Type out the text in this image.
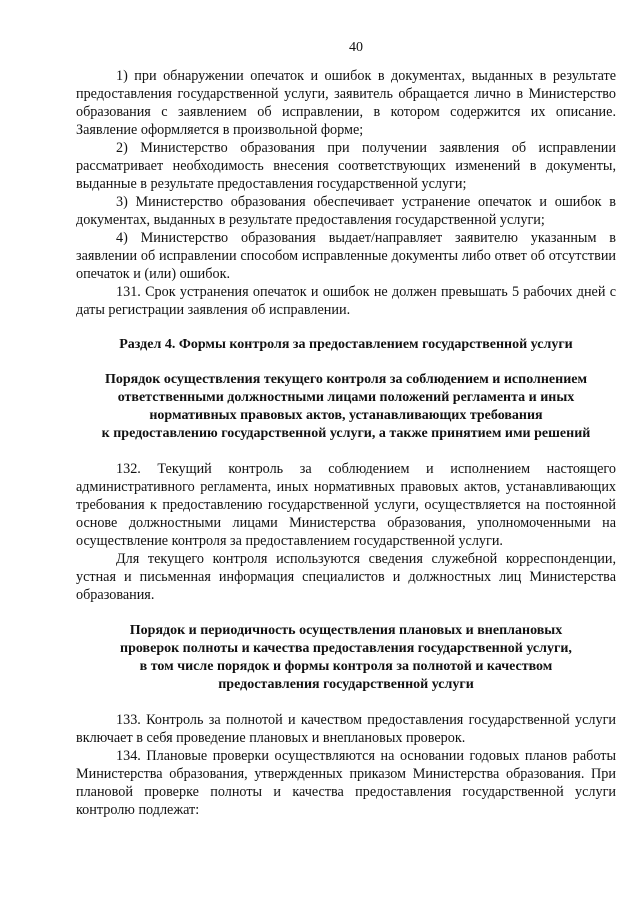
40

1) при обнаружении опечаток и ошибок в документах, выданных в результате предоставления государственной услуги, заявитель обращается лично в Министерство образования с заявлением об исправлении, в котором содержится их описание. Заявление оформляется в произвольной форме;

2) Министерство образования при получении заявления об исправлении рассматривает необходимость внесения соответствующих изменений в документы, выданные в результате предоставления государственной услуги;

3) Министерство образования обеспечивает устранение опечаток и ошибок в документах, выданных в результате предоставления государственной услуги;

4) Министерство образования выдает/направляет заявителю указанным в заявлении об исправлении способом исправленные документы либо ответ об отсутствии опечаток и (или) ошибок.

131. Срок устранения опечаток и ошибок не должен превышать 5 рабочих дней с даты регистрации заявления об исправлении.

Раздел 4. Формы контроля за предоставлением государственной услуги
Порядок осуществления текущего контроля за соблюдением и исполнением
ответственными должностными лицами положений регламента и иных
нормативных правовых актов, устанавливающих требования
к предоставлению государственной услуги, а также принятием ими решений

132. Текущий контроль за соблюдением и исполнением настоящего административного регламента, иных нормативных правовых актов, устанавливающих требования к предоставлению государственной услуги, осуществляется на постоянной основе должностными лицами Министерства образования, уполномоченными на осуществление контроля за предоставлением государственной услуги.

Для текущего контроля используются сведения служебной корреспонденции, устная и письменная информация специалистов и должностных лиц Министерства образования.

Порядок и периодичность осуществления плановых и внеплановых
проверок полноты и качества предоставления государственной услуги,
в том числе порядок и формы контроля за полнотой и качеством
предоставления государственной услуги

133. Контроль за полнотой и качеством предоставления государственной услуги включает в себя проведение плановых и внеплановых проверок.

134. Плановые проверки осуществляются на основании годовых планов работы Министерства образования, утвержденных приказом Министерства образования. При плановой проверке полноты и качества предоставления государственной услуги контролю подлежат:
